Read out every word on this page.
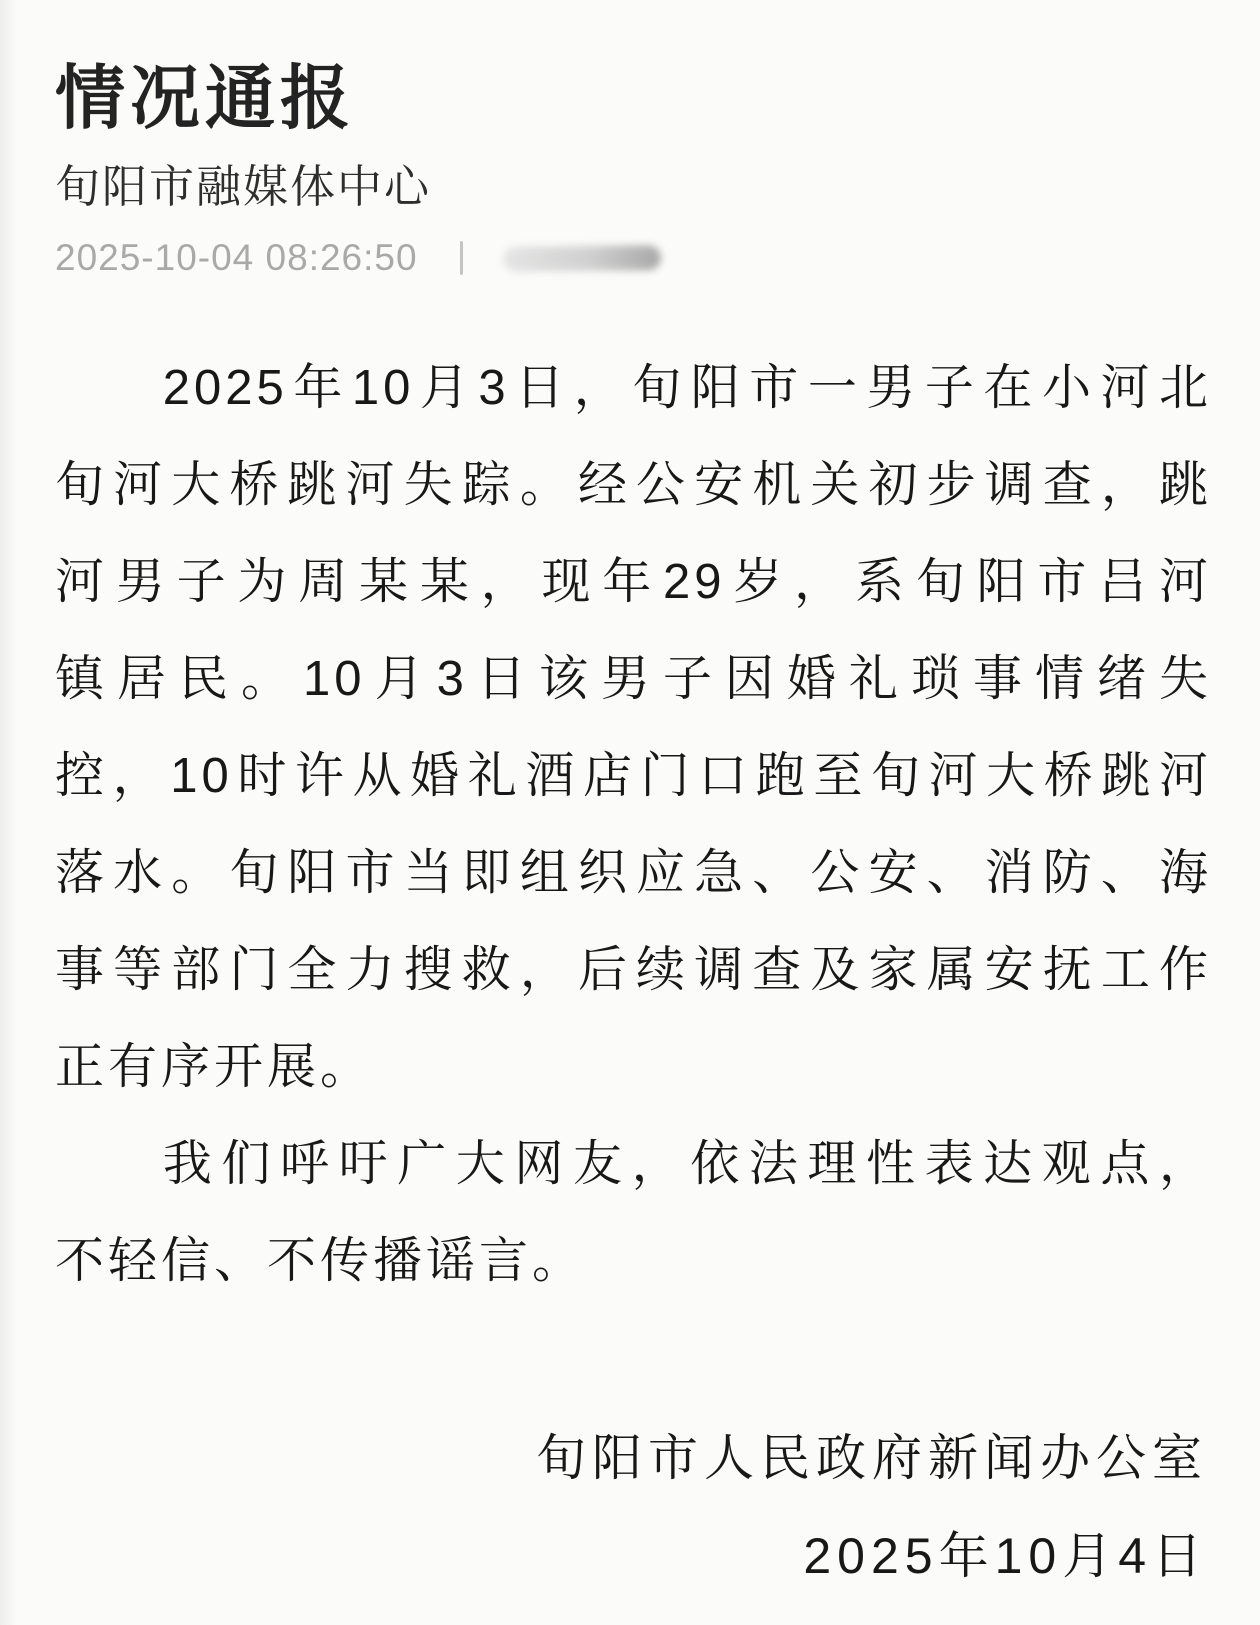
情况通报
旬阳市融媒体中心
2025-10-04 08:26:50
2025年10月3日，旬阳市一男子在小河北
旬河大桥跳河失踪。经公安机关初步调查，跳
河男子为周某某，现年29岁，系旬阳市吕河
镇居民。10月3日该男子因婚礼琐事情绪失
控，10时许从婚礼酒店门口跑至旬河大桥跳河
落水。旬阳市当即组织应急、公安、消防、海
事等部门全力搜救，后续调查及家属安抚工作
正有序开展。
我们呼吁广大网友，依法理性表达观点，
不轻信、不传播谣言。
旬阳市人民政府新闻办公室
2025年10月4日
